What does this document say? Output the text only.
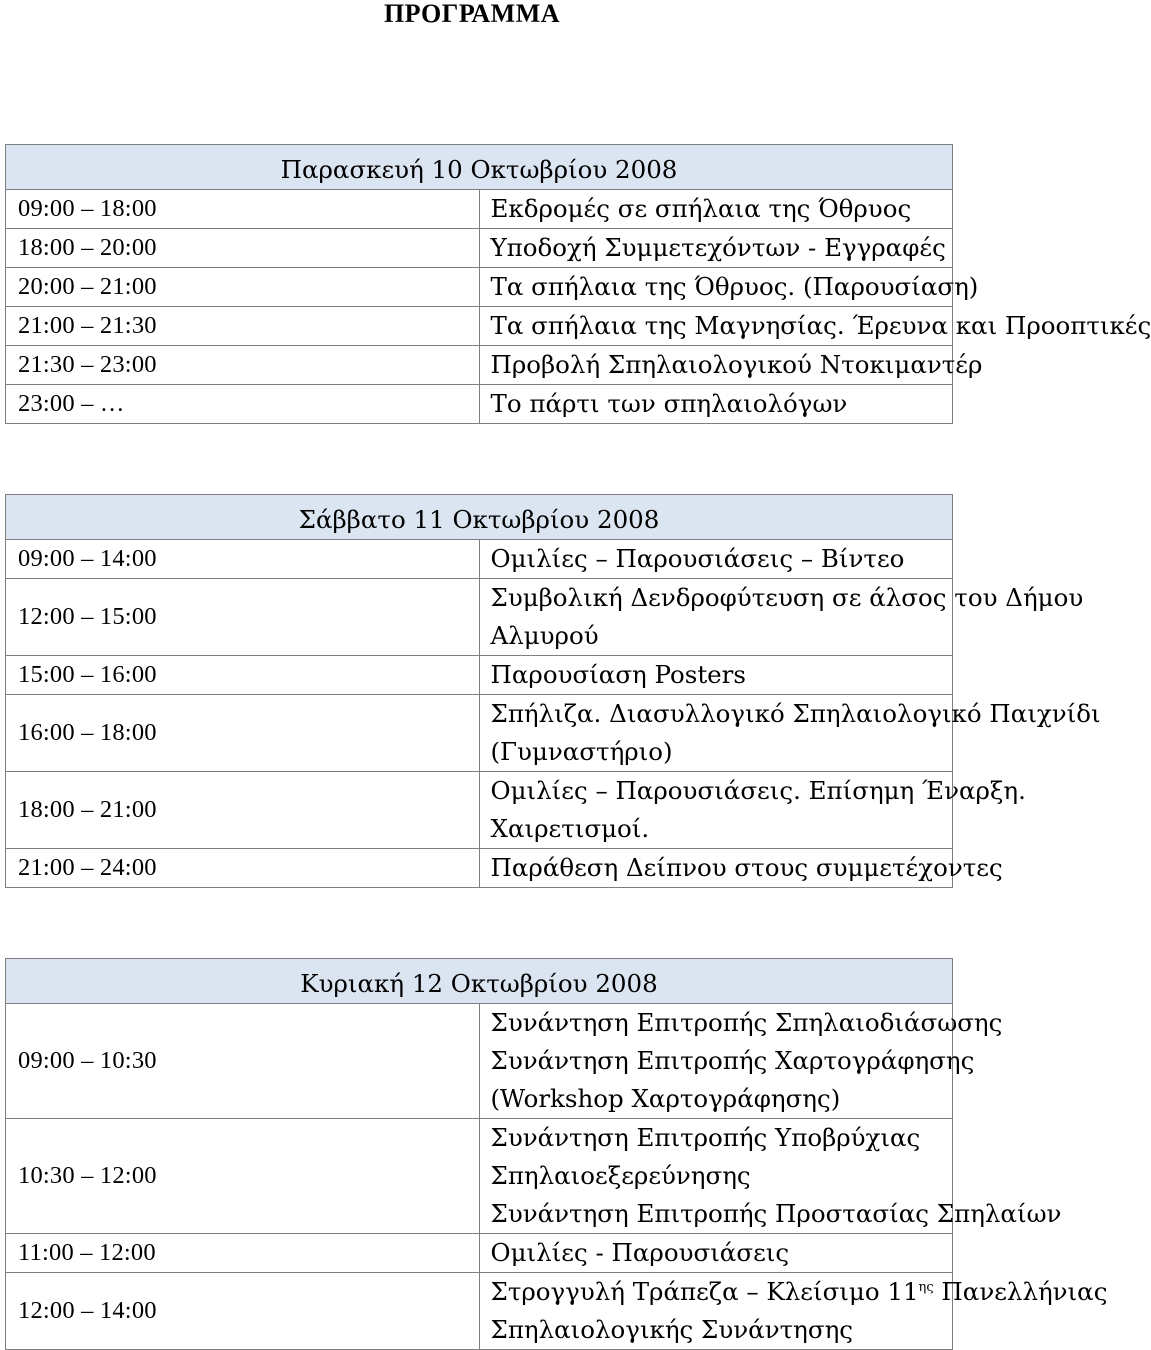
ΠΡΟΓΡΑΜΜΑ
Παρασκευή 10 Οκτωβρίου 2008	
09:00 – 18:00	Εκδρομές σε σπήλαια της Όθρυος
18:00 – 20:00	Υποδοχή Συμμετεχόντων - Εγγραφές
20:00 – 21:00	Τα σπήλαια της Όθρυος. (Παρουσίαση)
21:00 – 21:30	Τα σπήλαια της Μαγνησίας. Έρευνα και Προοπτικές
21:30 – 23:00	Προβολή Σπηλαιολογικού Ντοκιμαντέρ
23:00 – …	Το πάρτι των σπηλαιολόγων
Σάββατο 11 Οκτωβρίου 2008	
09:00 – 14:00	Ομιλίες – Παρουσιάσεις – Βίντεο
12:00 – 15:00	Συμβολική Δενδροφύτευση σε άλσος του Δήμου
Αλμυρού

15:00 – 16:00	Παρουσίαση Posters
16:00 – 18:00	Σπήλιζα. Διασυλλογικό Σπηλαιολογικό Παιχνίδι
(Γυμναστήριο)

18:00 – 21:00	Ομιλίες – Παρουσιάσεις. Επίσημη Έναρξη.
Χαιρετισμοί.

21:00 – 24:00	Παράθεση Δείπνου στους συμμετέχοντες
Κυριακή 12 Οκτωβρίου 2008	
09:00 – 10:30	Συνάντηση Επιτροπής Σπηλαιοδιάσωσης
Συνάντηση Επιτροπής Χαρτογράφησης
(Workshop Χαρτογράφησης)

10:30 – 12:00	Συνάντηση Επιτροπής Υποβρύχιας
Σπηλαιοεξερεύνησης
Συνάντηση Επιτροπής Προστασίας Σπηλαίων

11:00 – 12:00	Ομιλίες - Παρουσιάσεις
12:00 – 14:00	Στρογγυλή Τράπεζα – Κλείσιμο $11^{\eta\varsigma}$ Πανελλήνιας
Σπηλαιολογικής Συνάντησης
